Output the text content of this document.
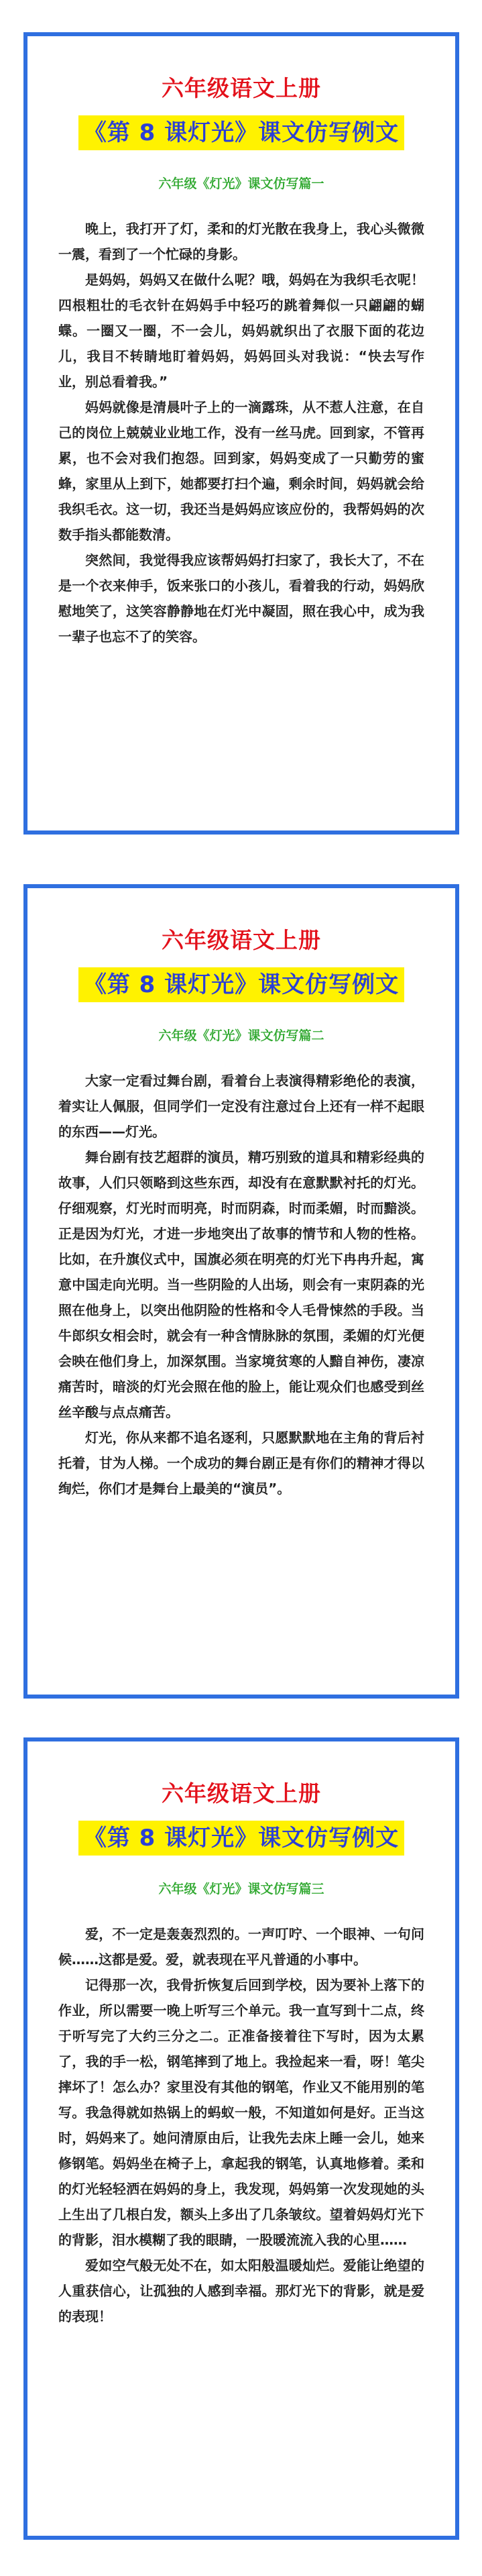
六年级语文上册
《第 8 课灯光》课文仿写例文
六年级《灯光》课文仿写篇一

晚上，我打开了灯，柔和的灯光散在我身上，我心头微微一震，看到了一个忙碌的身影。

是妈妈，妈妈又在做什么呢？哦，妈妈在为我织毛衣呢！四根粗壮的毛衣针在妈妈手中轻巧的跳着舞似一只翩翩的蝴蝶。一圈又一圈，不一会儿，妈妈就织出了衣服下面的花边儿，我目不转睛地盯着妈妈，妈妈回头对我说：“快去写作业，别总看着我。”

妈妈就像是清晨叶子上的一滴露珠，从不惹人注意，在自己的岗位上兢兢业业地工作，没有一丝马虎。回到家，不管再累，也不会对我们抱怨。回到家，妈妈变成了一只勤劳的蜜蜂，家里从上到下，她都要打扫个遍，剩余时间，妈妈就会给我织毛衣。这一切，我还当是妈妈应该应份的，我帮妈妈的次数手指头都能数清。

突然间，我觉得我应该帮妈妈打扫家了，我长大了，不在是一个衣来伸手，饭来张口的小孩儿，看着我的行动，妈妈欣慰地笑了，这笑容静静地在灯光中凝固，照在我心中，成为我一辈子也忘不了的笑容。

六年级语文上册
《第 8 课灯光》课文仿写例文
六年级《灯光》课文仿写篇二

大家一定看过舞台剧，看着台上表演得精彩绝伦的表演，着实让人佩服，但同学们一定没有注意过台上还有一样不起眼的东西——灯光。

舞台剧有技艺超群的演员，精巧别致的道具和精彩经典的故事，人们只领略到这些东西，却没有在意默默衬托的灯光。仔细观察，灯光时而明亮，时而阴森，时而柔媚，时而黯淡。正是因为灯光，才进一步地突出了故事的情节和人物的性格。比如，在升旗仪式中，国旗必须在明亮的灯光下冉冉升起，寓意中国走向光明。当一些阴险的人出场，则会有一束阴森的光照在他身上，以突出他阴险的性格和令人毛骨悚然的手段。当牛郎织女相会时，就会有一种含情脉脉的氛围，柔媚的灯光便会映在他们身上，加深氛围。当家境贫寒的人黯自神伤，凄凉痛苦时，暗淡的灯光会照在他的脸上，能让观众们也感受到丝丝辛酸与点点痛苦。

灯光，你从来都不追名逐利，只愿默默地在主角的背后衬托着，甘为人梯。一个成功的舞台剧正是有你们的精神才得以绚烂，你们才是舞台上最美的“演员”。

六年级语文上册
《第 8 课灯光》课文仿写例文
六年级《灯光》课文仿写篇三

爱，不一定是轰轰烈烈的。一声叮咛、一个眼神、一句问候……这都是爱。爱，就表现在平凡普通的小事中。

记得那一次，我骨折恢复后回到学校，因为要补上落下的作业，所以需要一晚上听写三个单元。我一直写到十二点，终于听写完了大约三分之二。正准备接着往下写时，因为太累了，我的手一松，钢笔摔到了地上。我捡起来一看，呀！笔尖摔坏了！怎么办？家里没有其他的钢笔，作业又不能用别的笔写。我急得就如热锅上的蚂蚁一般，不知道如何是好。正当这时，妈妈来了。她问清原由后，让我先去床上睡一会儿，她来修钢笔。妈妈坐在椅子上，拿起我的钢笔，认真地修着。柔和的灯光轻轻洒在妈妈的身上，我发现，妈妈第一次发现她的头上生出了几根白发，额头上多出了几条皱纹。望着妈妈灯光下的背影，泪水模糊了我的眼睛，一股暖流流入我的心里……

爱如空气般无处不在，如太阳般温暖灿烂。爱能让绝望的人重获信心，让孤独的人感到幸福。那灯光下的背影，就是爱的表现！
